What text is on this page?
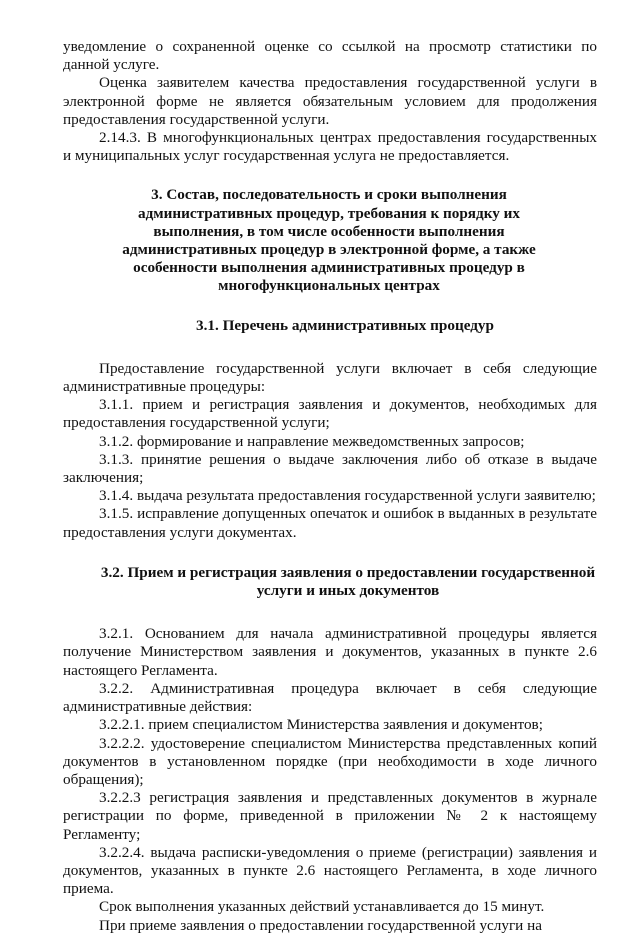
уведомление о сохраненной оценке со ссылкой на просмотр статистики по данной услуге.

Оценка заявителем качества предоставления государственной услуги в электронной форме не является обязательным условием для продолжения предоставления государственной услуги.

2.14.3. В многофункциональных центрах предоставления государственных и муниципальных услуг государственная услуга не предоставляется.

3. Состав, последовательность и сроки выполнения административных процедур, требования к порядку их выполнения, в том числе особенности выполнения административных процедур в электронной форме, а также особенности выполнения административных процедур в многофункциональных центрах

3.1. Перечень административных процедур

Предоставление государственной услуги включает в себя следующие административные процедуры:

3.1.1. прием и регистрация заявления и документов, необходимых для предоставления государственной услуги;

3.1.2. формирование и направление межведомственных запросов;

3.1.3. принятие решения о выдаче заключения либо об отказе в выдаче заключения;

3.1.4. выдача результата предоставления государственной услуги заявителю;

3.1.5. исправление допущенных опечаток и ошибок в выданных в результате предоставления услуги документах.

3.2. Прием и регистрация заявления о предоставлении государственной услуги и иных документов

3.2.1. Основанием для начала административной процедуры является получение Министерством заявления и документов, указанных в пункте 2.6 настоящего Регламента.

3.2.2. Административная процедура включает в себя следующие административные действия:

3.2.2.1. прием специалистом Министерства заявления и документов;

3.2.2.2. удостоверение специалистом Министерства представленных копий документов в установленном порядке (при необходимости в ходе личного обращения);

3.2.2.3 регистрация заявления и представленных документов в журнале регистрации по форме, приведенной в приложении № 2 к настоящему Регламенту;

3.2.2.4. выдача расписки-уведомления о приеме (регистрации) заявления и документов, указанных в пункте 2.6 настоящего Регламента, в ходе личного приема.

Срок выполнения указанных действий устанавливается до 15 минут.

При приеме заявления о предоставлении государственной услуги на
